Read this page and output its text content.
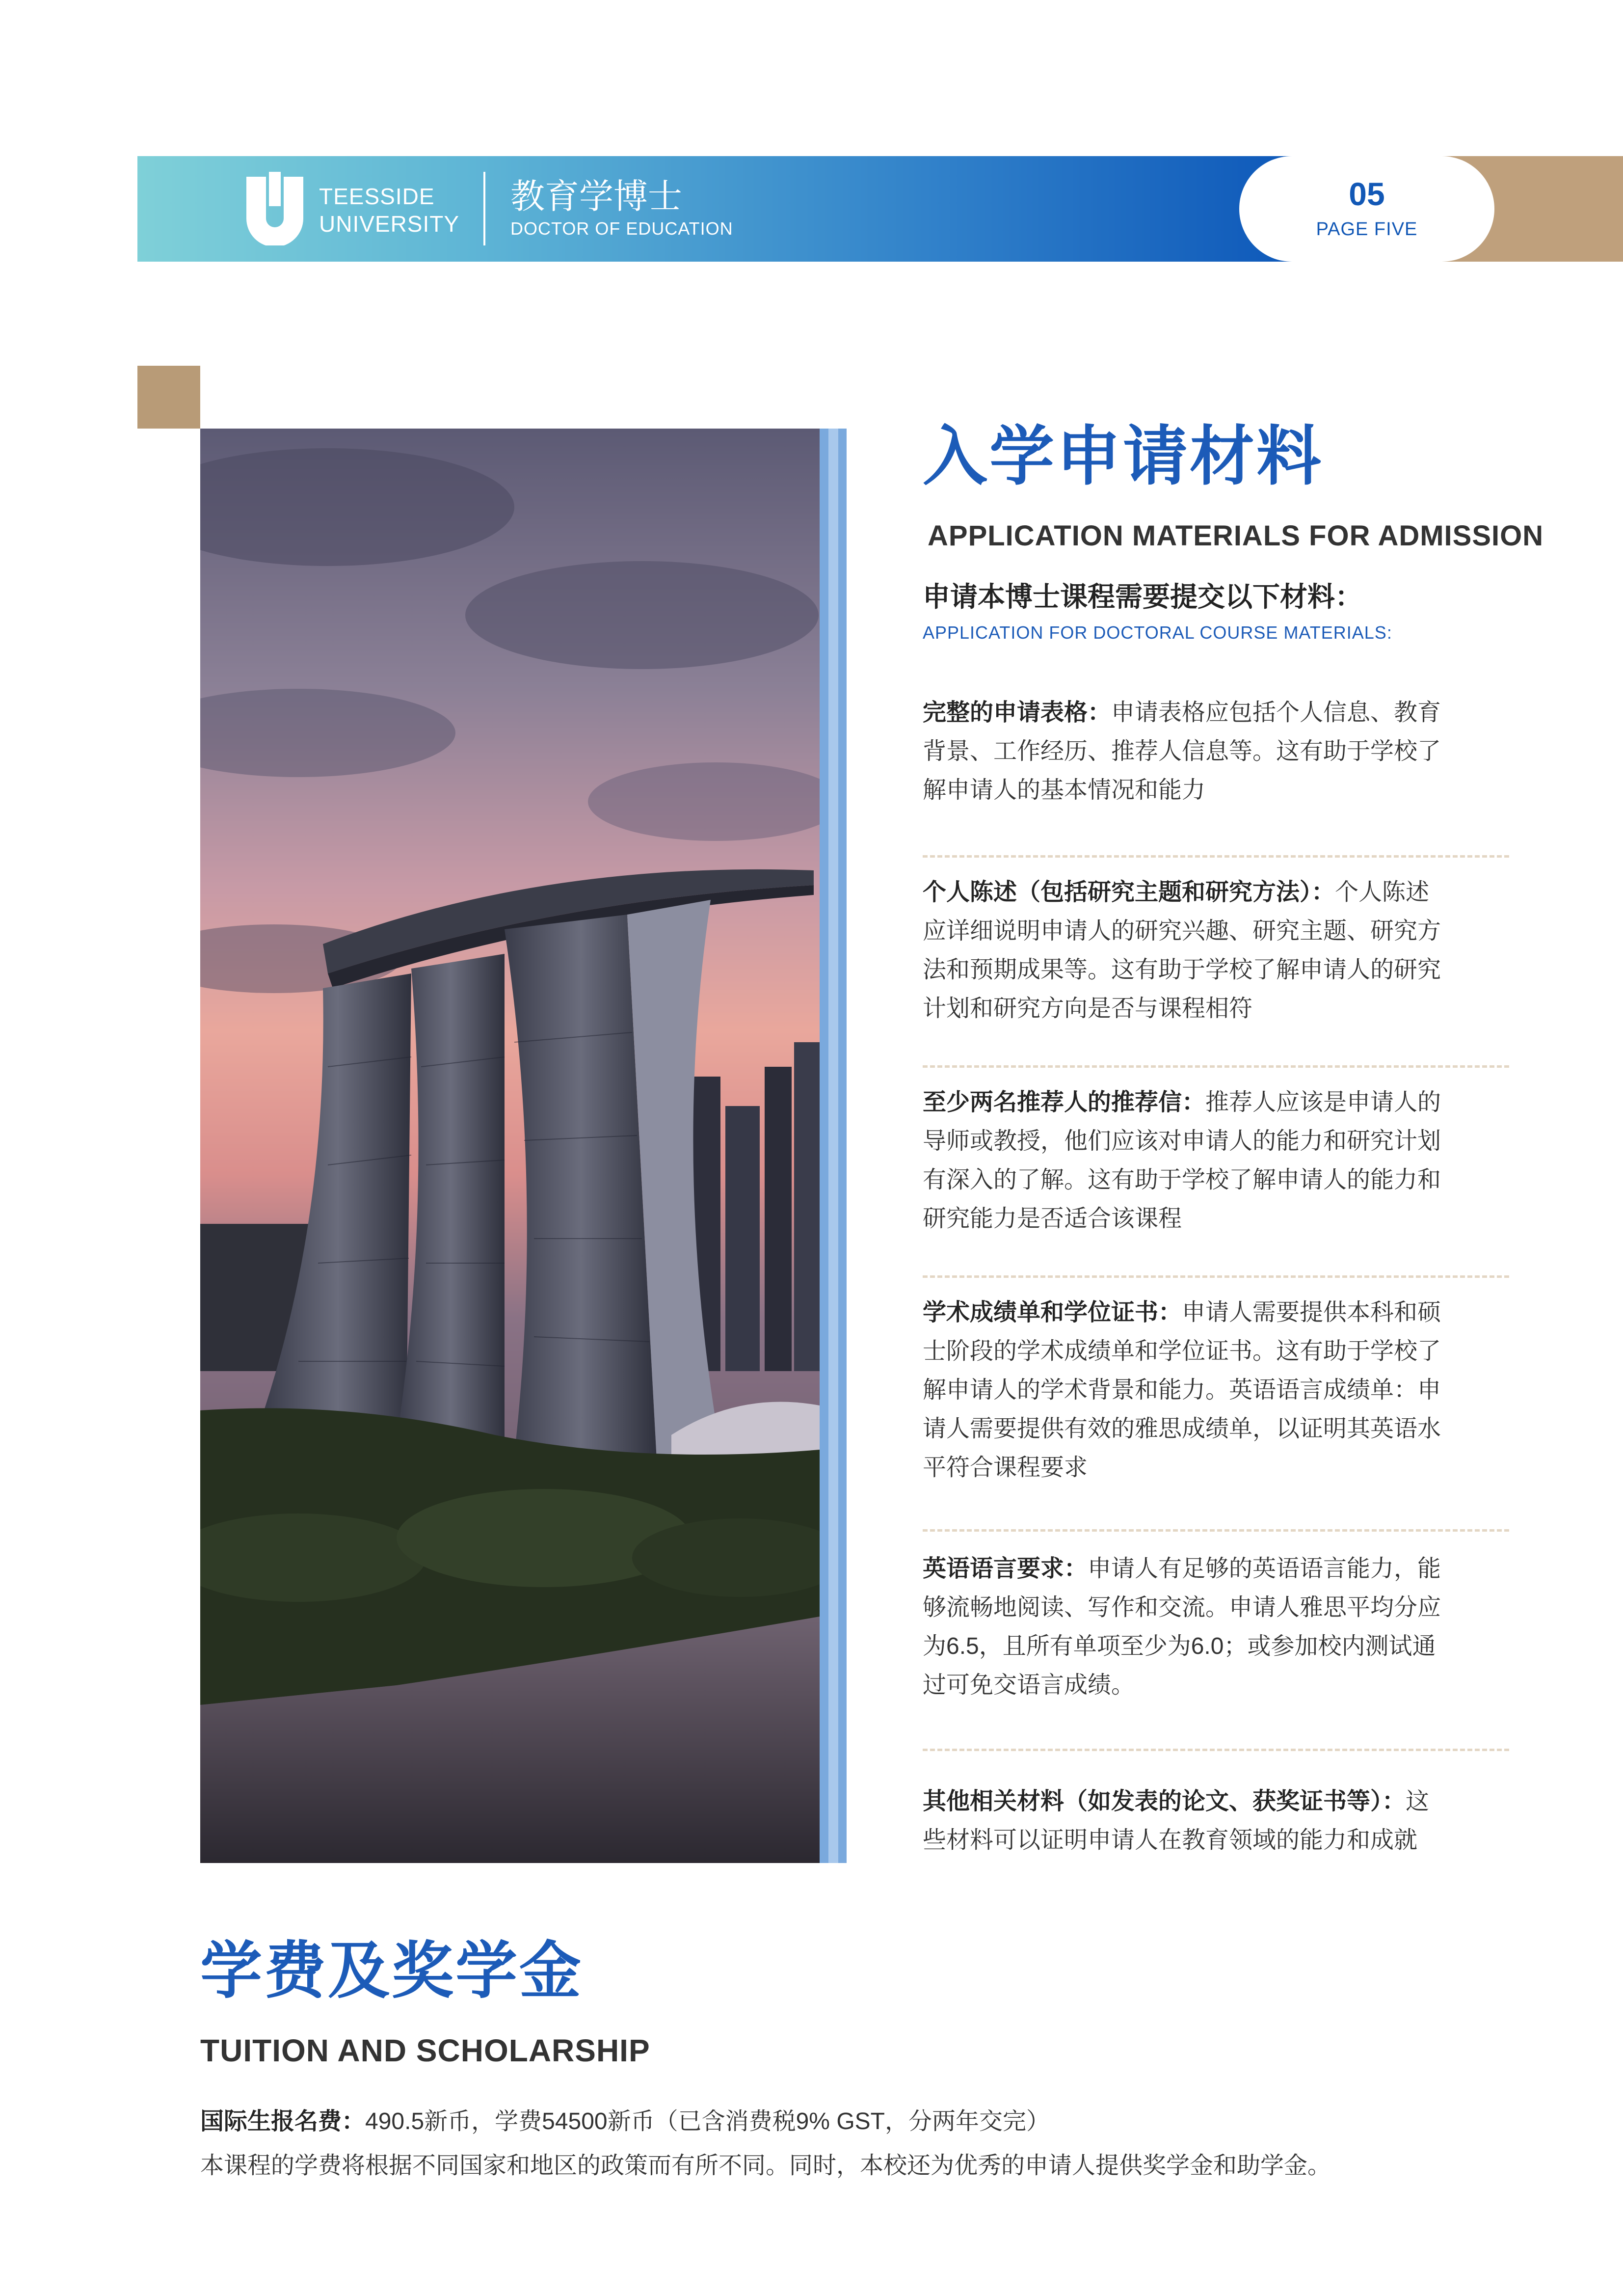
TEESSIDE
UNIVERSITY
教育学博士
DOCTOR OF EDUCATION
05
PAGE FIVE
入学申请材料
APPLICATION MATERIALS FOR ADMISSION
申请本博士课程需要提交以下材料：
APPLICATION FOR DOCTORAL COURSE MATERIALS:
完整的申请表格：申请表格应包括个人信息、教育
背景、工作经历、推荐人信息等。这有助于学校了
解申请人的基本情况和能力
个人陈述（包括研究主题和研究方法）：个人陈述
应详细说明申请人的研究兴趣、研究主题、研究方
法和预期成果等。这有助于学校了解申请人的研究
计划和研究方向是否与课程相符
至少两名推荐人的推荐信：推荐人应该是申请人的
导师或教授，他们应该对申请人的能力和研究计划
有深入的了解。这有助于学校了解申请人的能力和
研究能力是否适合该课程
学术成绩单和学位证书：申请人需要提供本科和硕
士阶段的学术成绩单和学位证书。这有助于学校了
解申请人的学术背景和能力。英语语言成绩单：申
请人需要提供有效的雅思成绩单，以证明其英语水
平符合课程要求
英语语言要求：申请人有足够的英语语言能力，能
够流畅地阅读、写作和交流。申请人雅思平均分应
为6.5，且所有单项至少为6.0；或参加校内测试通
过可免交语言成绩。
其他相关材料（如发表的论文、获奖证书等）：这
些材料可以证明申请人在教育领域的能力和成就
学费及奖学金
TUITION AND SCHOLARSHIP
国际生报名费：490.5新币，学费54500新币（已含消费税9% GST，分两年交完）
本课程的学费将根据不同国家和地区的政策而有所不同。同时，本校还为优秀的申请人提供奖学金和助学金。
